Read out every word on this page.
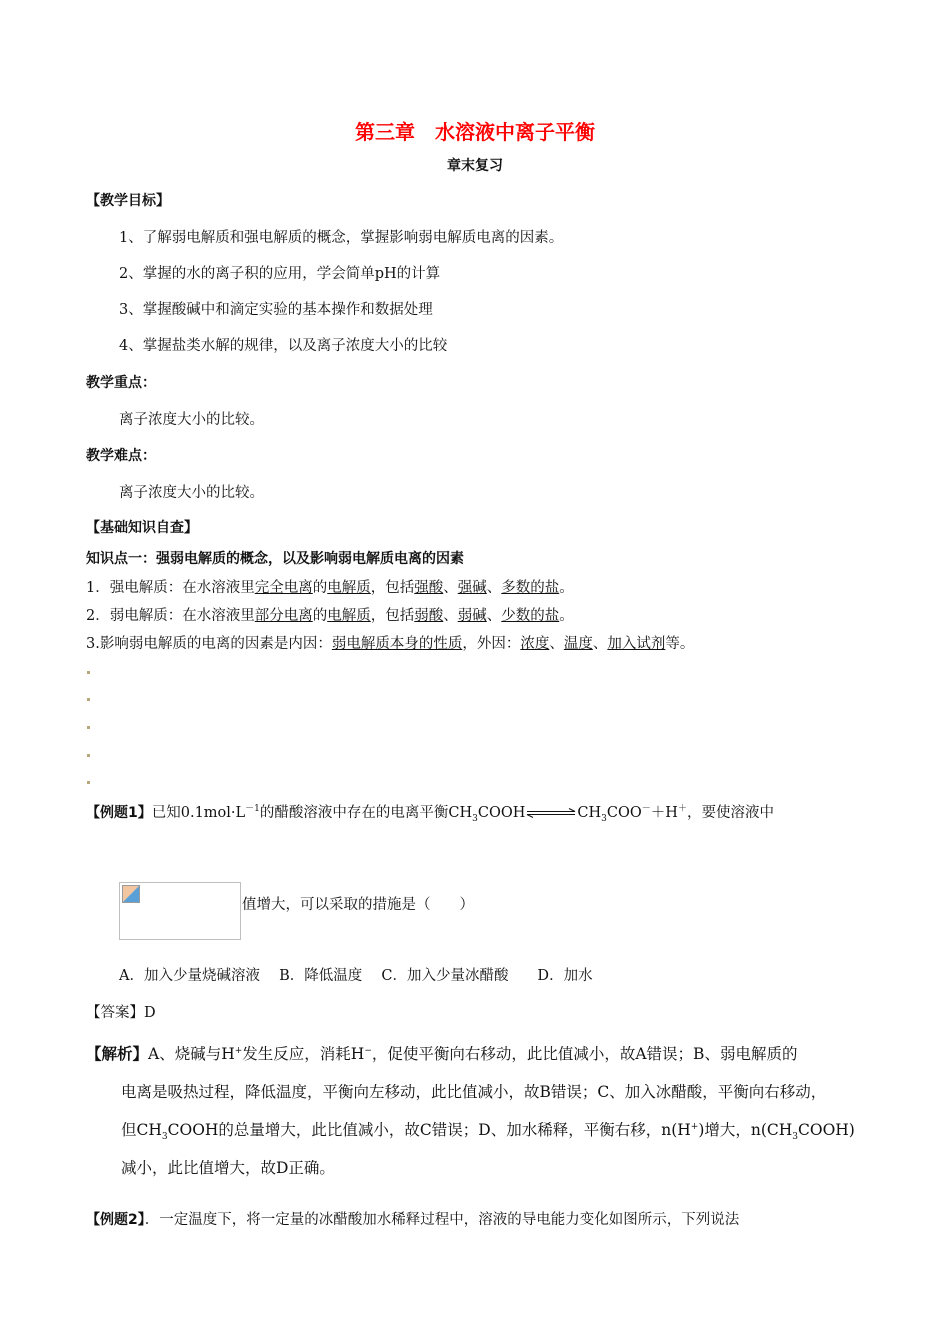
第三章　水溶液中离子平衡
章末复习
【教学目标】
1、了解弱电解质和强电解质的概念，掌握影响弱电解质电离的因素。
2、掌握的水的离子积的应用，学会简单pH的计算
3、掌握酸碱中和滴定实验的基本操作和数据处理
4、掌握盐类水解的规律，以及离子浓度大小的比较
教学重点：
离子浓度大小的比较。
教学难点：
离子浓度大小的比较。
【基础知识自查】
知识点一：强弱电解质的概念，以及影响弱电解质电离的因素
1．强电解质：在水溶液里完全电离的电解质，包括强酸、强碱、多数的盐。
2．弱电解质：在水溶液里部分电离的电解质，包括弱酸、弱碱、少数的盐。
3.影响弱电解质的电离的因素是内因：弱电解质本身的性质，外因：浓度、温度、加入试剂等。
【例题1】已知$0.1mol\cdot L^{-1}$的醋酸溶液中存在的电离平衡$CH_3COOH\rightleftharpoons CH_3COO^-+H^+$，要使溶液中
值增大，可以采取的措施是（　　）
A．加入少量烧碱溶液　 B．降低温度　 C．加入少量冰醋酸　　D．加水
【答案】D
【解析】A、烧碱与H+发生反应，消耗H−，促使平衡向右移动，此比值减小，故A错误；B、弱电解质的
电离是吸热过程，降低温度，平衡向左移动，此比值减小，故B错误；C、加入冰醋酸，平衡向右移动，
但$CH_3COOH$的总量增大，此比值减小，故C错误；D、加水稀释，平衡右移，n(H+)增大，$n(CH_3COOH)$
减小，此比值增大，故D正确。
【例题2】．一定温度下，将一定量的冰醋酸加水稀释过程中，溶液的导电能力变化如图所示，下列说法
